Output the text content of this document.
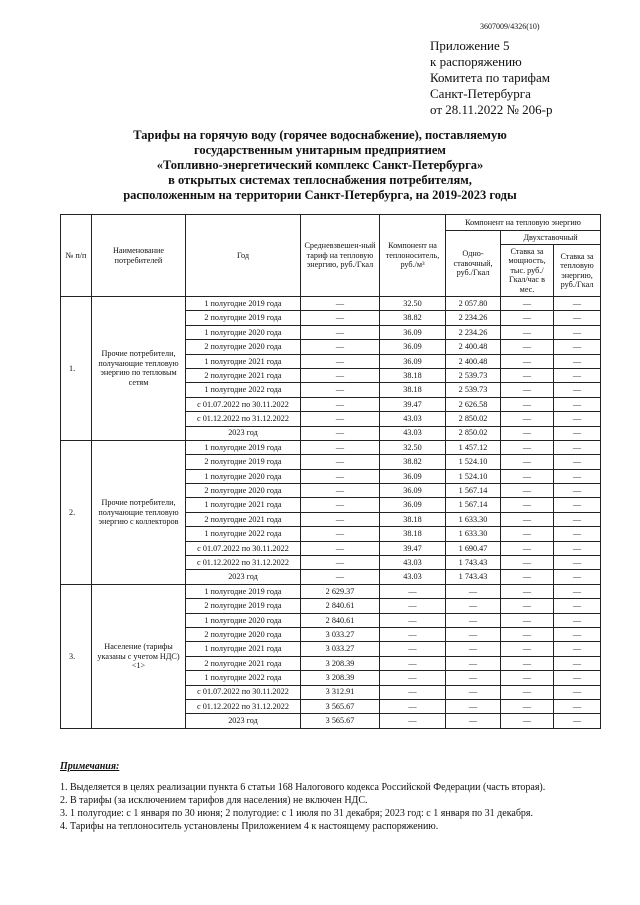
3607009/4326(10)
Приложение 5
к распоряжению
Комитета по тарифам
Санкт-Петербурга
от 28.11.2022 № 206-р
Тарифы на горячую воду (горячее водоснабжение), поставляемую
государственным унитарным предприятием
«Топливно-энергетический комплекс Санкт-Петербурга»
в открытых системах теплоснабжения потребителям,
расположенным на территории Санкт-Петербурга, на 2019-2023 годы
№ п/п	Наименование потребителей	Год	Средневзвешен-ный тариф на тепловую энергию, руб./Гкал	Компонент на теплоноситель, руб./м³	Компонент на тепловую энергию		
					Одно-ставочный, руб./Гкал	Двухставочный	
						Ставка за мощность, тыс. руб./Гкал/час в мес.	Ставка за тепловую энергию, руб./Гкал
1.	Прочие потребители, получающие тепловую энергию по тепловым сетям	1 полугодие 2019 года	—	32.50	2 057.80	—	—
		2 полугодие 2019 года	—	38.82	2 234.26	—	—
		1 полугодие 2020 года	—	36.09	2 234.26	—	—
		2 полугодие 2020 года	—	36.09	2 400.48	—	—
		1 полугодие 2021 года	—	36.09	2 400.48	—	—
		2 полугодие 2021 года	—	38.18	2 539.73	—	—
		1 полугодие 2022 года	—	38.18	2 539.73	—	—
		с 01.07.2022 по 30.11.2022	—	39.47	2 626.58	—	—
		с 01.12.2022 по 31.12.2022	—	43.03	2 850.02	—	—
		2023 год	—	43.03	2 850.02	—	—
2.	Прочие потребители, получающие тепловую энергию с коллекторов	1 полугодие 2019 года	—	32.50	1 457.12	—	—
		2 полугодие 2019 года	—	38.82	1 524.10	—	—
		1 полугодие 2020 года	—	36.09	1 524.10	—	—
		2 полугодие 2020 года	—	36.09	1 567.14	—	—
		1 полугодие 2021 года	—	36.09	1 567.14	—	—
		2 полугодие 2021 года	—	38.18	1 633.30	—	—
		1 полугодие 2022 года	—	38.18	1 633.30	—	—
		с 01.07.2022 по 30.11.2022	—	39.47	1 690.47	—	—
		с 01.12.2022 по 31.12.2022	—	43.03	1 743.43	—	—
		2023 год	—	43.03	1 743.43	—	—
3.	Население (тарифы указаны с учетом НДС) <1>	1 полугодие 2019 года	2 629.37	—	—	—	—
		2 полугодие 2019 года	2 840.61	—	—	—	—
		1 полугодие 2020 года	2 840.61	—	—	—	—
		2 полугодие 2020 года	3 033.27	—	—	—	—
		1 полугодие 2021 года	3 033.27	—	—	—	—
		2 полугодие 2021 года	3 208.39	—	—	—	—
		1 полугодие 2022 года	3 208.39	—	—	—	—
		с 01.07.2022 по 30.11.2022	3 312.91	—	—	—	—
		с 01.12.2022 по 31.12.2022	3 565.67	—	—	—	—
		2023 год	3 565.67	—	—	—	—
Примечания:
1. Выделяется в целях реализации пункта 6 статьи 168 Налогового кодекса Российской Федерации (часть вторая).
2. В тарифы (за исключением тарифов для населения) не включен НДС.
3. 1 полугодие: с 1 января по 30 июня; 2 полугодие: с 1 июля по 31 декабря; 2023 год: с 1 января по 31 декабря.
4. Тарифы на теплоноситель установлены Приложением 4 к настоящему распоряжению.
